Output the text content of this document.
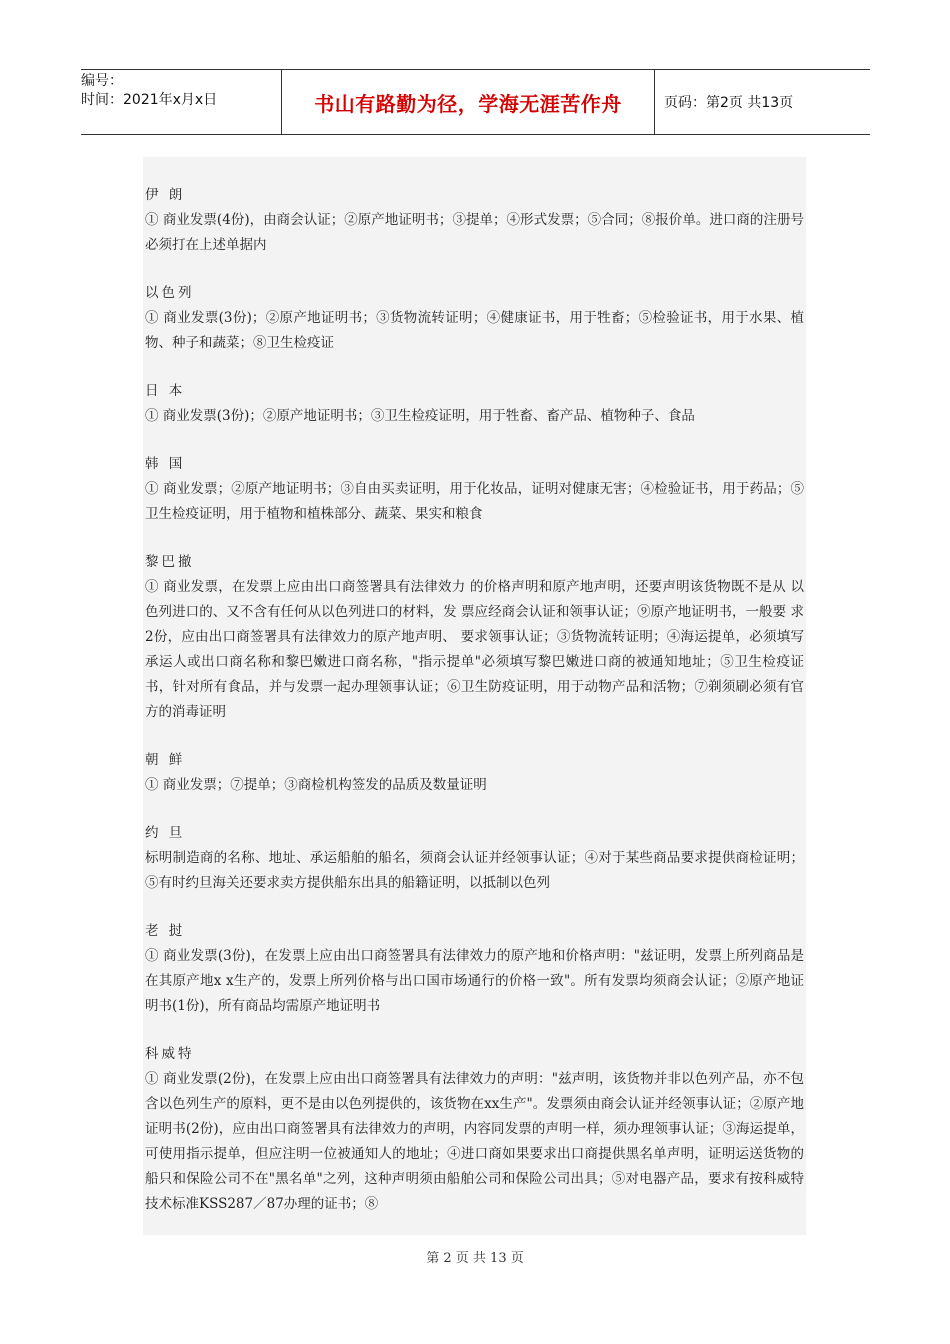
编号：
时间：2021年x月x日	书山有路勤为径，学海无涯苦作舟	页码：第2页 共13页
伊 朗
① 商业发票(4份)，由商会认证；②原产地证明书；③提单；④形式发票；⑤合同；⑧报价单。进口商的注册号必须打在上述单据内
以色列
① 商业发票(3份)；②原产地证明书；③货物流转证明；④健康证书，用于牲畜；⑤检验证书，用于水果、植物、种子和蔬菜；⑧卫生检疫证
日 本
① 商业发票(3份)；②原产地证明书；③卫生检疫证明，用于牲畜、畜产品、植物种子、食品
韩 国
① 商业发票；②原产地证明书；③自由买卖证明，用于化妆品，证明对健康无害；④检验证书，用于药品；⑤卫生检疫证明，用于植物和植株部分、蔬菜、果实和粮食
黎巴撤
① 商业发票，在发票上应由出口商签署具有法律效力 的价格声明和原产地声明，还要声明该货物既不是从 以色列进口的、又不含有任何从以色列进口的材料，发 票应经商会认证和领事认证；⑨原产地证明书，一般要 求2份，应由出口商签署具有法律效力的原产地声明、 要求领事认证；③货物流转证明；④海运提单，必须填写承运人或出口商名称和黎巴嫩进口商名称，"指示提单"必须填写黎巴嫩进口商的被通知地址；⑤卫生检疫证书，针对所有食品，并与发票一起办理领事认证；⑥卫生防疫证明，用于动物产品和活物；⑦剃须刷必须有官方的消毒证明
朝 鲜
① 商业发票；⑦提单；③商检机构签发的品质及数量证明
约 旦
标明制造商的名称、地址、承运船舶的船名，须商会认证并经领事认证；④对于某些商品要求提供商检证明；⑤有时约旦海关还要求卖方提供船东出具的船籍证明，以抵制以色列
老 挝
① 商业发票(3份)，在发票上应由出口商签署具有法律效力的原产地和价格声明："兹证明，发票上所列商品是在其原产地x x生产的，发票上所列价格与出口国市场通行的价格一致"。所有发票均须商会认证；②原产地证明书(1份)，所有商品均需原产地证明书
科威特
① 商业发票(2份)，在发票上应由出口商签署具有法律效力的声明："兹声明，该货物并非以色列产品，亦不包含以色列生产的原料，更不是由以色列提供的，该货物在xx生产"。发票须由商会认证并经领事认证；②原产地证明书(2份)，应由出口商签署具有法律效力的声明，内容同发票的声明一样，须办理领事认证；③海运提单，可使用指示提单，但应注明一位被通知人的地址；④进口商如果要求出口商提供黑名单声明，证明运送货物的船只和保险公司不在"黑名单"之列，这种声明须由船舶公司和保险公司出具；⑤对电器产品，要求有按科威特技术标准KSS287／87办理的证书；⑧
第 2 页 共 13 页
